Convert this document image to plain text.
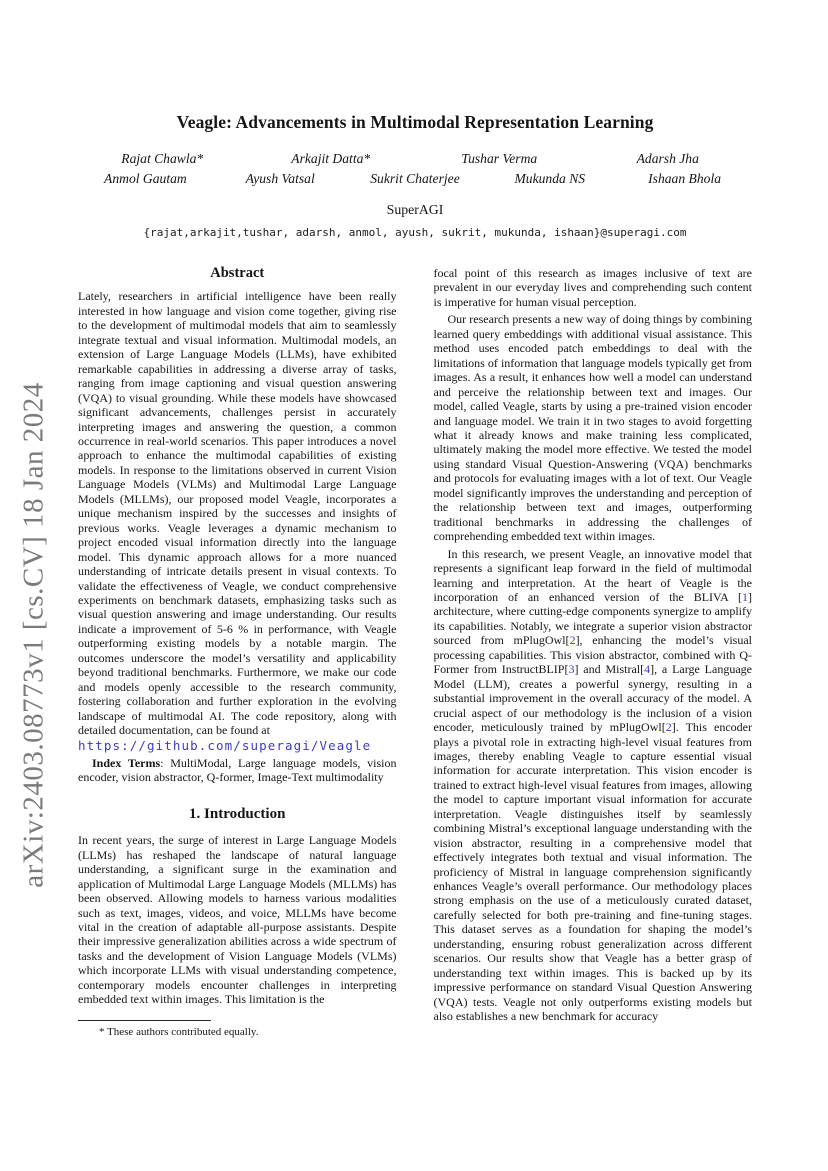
arXiv:2403.08773v1 [cs.CV] 18 Jan 2024
Veagle: Advancements in Multimodal Representation Learning
Rajat Chawla*	Arkajit Datta*	Tushar Verma	Adarsh Jha
Anmol Gautam	Ayush Vatsal	Sukrit Chaterjee	Mukunda NS	Ishaan Bhola
SuperAGI
{rajat,arkajit,tushar, adarsh, anmol, ayush, sukrit, mukunda, ishaan}@superagi.com
Abstract
Lately, researchers in artificial intelligence have been really interested in how language and vision come together, giving rise to the development of multimodal models that aim to seamlessly integrate textual and visual information. Multimodal models, an extension of Large Language Models (LLMs), have exhibited remarkable capabilities in addressing a diverse array of tasks, ranging from image captioning and visual question answering (VQA) to visual grounding. While these models have showcased significant advancements, challenges persist in accurately interpreting images and answering the question, a common occurrence in real-world scenarios. This paper introduces a novel approach to enhance the multimodal capabilities of existing models. In response to the limitations observed in current Vision Language Models (VLMs) and Multimodal Large Language Models (MLLMs), our proposed model Veagle, incorporates a unique mechanism inspired by the successes and insights of previous works. Veagle leverages a dynamic mechanism to project encoded visual information directly into the language model. This dynamic approach allows for a more nuanced understanding of intricate details present in visual contexts. To validate the effectiveness of Veagle, we conduct comprehensive experiments on benchmark datasets, emphasizing tasks such as visual question answering and image understanding. Our results indicate a improvement of 5-6 % in performance, with Veagle outperforming existing models by a notable margin. The outcomes underscore the model’s versatility and applicability beyond traditional benchmarks. Furthermore, we make our code and models openly accessible to the research community, fostering collaboration and further exploration in the evolving landscape of multimodal AI. The code repository, along with detailed documentation, can be found at
https://github.com/superagi/Veagle
Index Terms: MultiModal, Large language models, vision encoder, vision abstractor, Q-former, Image-Text multimodality
1. Introduction
In recent years, the surge of interest in Large Language Models (LLMs) has reshaped the landscape of natural language understanding, a significant surge in the examination and application of Multimodal Large Language Models (MLLMs) has been observed. Allowing models to harness various modalities such as text, images, videos, and voice, MLLMs have become vital in the creation of adaptable all-purpose assistants. Despite their impressive generalization abilities across a wide spectrum of tasks and the development of Vision Language Models (VLMs) which incorporate LLMs with visual understanding competence, contemporary models encounter challenges in interpreting embedded text within images. This limitation is the
* These authors contributed equally.
focal point of this research as images inclusive of text are prevalent in our everyday lives and comprehending such content is imperative for human visual perception.
Our research presents a new way of doing things by combining learned query embeddings with additional visual assistance. This method uses encoded patch embeddings to deal with the limitations of information that language models typically get from images. As a result, it enhances how well a model can understand and perceive the relationship between text and images. Our model, called Veagle, starts by using a pre-trained vision encoder and language model. We train it in two stages to avoid forgetting what it already knows and make training less complicated, ultimately making the model more effective. We tested the model using standard Visual Question-Answering (VQA) benchmarks and protocols for evaluating images with a lot of text. Our Veagle model significantly improves the understanding and perception of the relationship between text and images, outperforming traditional benchmarks in addressing the challenges of comprehending embedded text within images.
In this research, we present Veagle, an innovative model that represents a significant leap forward in the field of multimodal learning and interpretation. At the heart of Veagle is the incorporation of an enhanced version of the BLIVA [1] architecture, where cutting-edge components synergize to amplify its capabilities. Notably, we integrate a superior vision abstractor sourced from mPlugOwl[2], enhancing the model’s visual processing capabilities. This vision abstractor, combined with Q-Former from InstructBLIP[3] and Mistral[4], a Large Language Model (LLM), creates a powerful synergy, resulting in a substantial improvement in the overall accuracy of the model. A crucial aspect of our methodology is the inclusion of a vision encoder, meticulously trained by mPlugOwl[2]. This encoder plays a pivotal role in extracting high-level visual features from images, thereby enabling Veagle to capture essential visual information for accurate interpretation. This vision encoder is trained to extract high-level visual features from images, allowing the model to capture important visual information for accurate interpretation. Veagle distinguishes itself by seamlessly combining Mistral’s exceptional language understanding with the vision abstractor, resulting in a comprehensive model that effectively integrates both textual and visual information. The proficiency of Mistral in language comprehension significantly enhances Veagle’s overall performance. Our methodology places strong emphasis on the use of a meticulously curated dataset, carefully selected for both pre-training and fine-tuning stages. This dataset serves as a foundation for shaping the model’s understanding, ensuring robust generalization across different scenarios. Our results show that Veagle has a better grasp of understanding text within images. This is backed up by its impressive performance on standard Visual Question Answering (VQA) tests. Veagle not only outperforms existing models but also establishes a new benchmark for accuracy
